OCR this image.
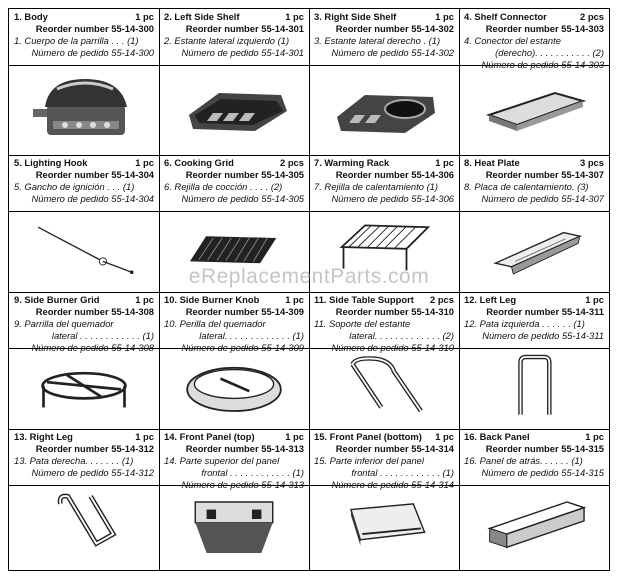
1. Body	1 pc
Reorder number 55-14-300
1. Cuerpo de la parrilla . . . (1)
Número de pedido 55-14-300
2. Left Side Shelf	1 pc
Reorder number 55-14-301
2. Estante lateral izquierdo (1)
Número de pedido 55-14-301
3. Right Side Shelf	1 pc
Reorder number 55-14-302
3. Estante lateral derecho . (1)
Número de pedido 55-14-302
4. Shelf Connector	2 pcs
Reorder number 55-14-303
4. Conector del estante
(derecho). . . . . . . . . . . (2)
5. Lighting Hook	1 pc
Reorder number 55-14-304
5. Gancho de ignición . . . (1)
Número de pedido 55-14-304
6. Cooking Grid	2 pcs
Reorder number 55-14-305
6. Rejilla de cocción . . . . (2)
Número de pedido 55-14-305
7. Warming Rack	1 pc
Reorder number 55-14-306
7. Rejilla de calentamiento (1)
Número de pedido 55-14-306
8. Heat Plate	3 pcs
Reorder number 55-14-307
8. Placa de calentamiento. (3)
Número de pedido 55-14-307
9. Side Burner Grid	1 pc
Reorder number 55-14-308
9. Parrilla del quemador
lateral . . . . . . . . . . . . (1)
10. Side Burner Knob	1 pc
Reorder number 55-14-309
10. Perilla del quemador
lateral. . . . . . . . . . . . . (1)
11. Side Table Support 2 pcs
Reorder number 55-14-310
11. Soporte del estante
lateral. . . . . . . . . . . . . (2)
12. Left Leg	1 pc
Reorder number 55-14-311
12. Pata izquierda . . . . . . (1)
Número de pedido 55-14-311
13. Right Leg	1 pc
Reorder number 55-14-312
13. Pata derecha. . . . . . . (1)
Número de pedido 55-14-312
14. Front Panel (top)	1 pc
Reorder number 55-14-313
14. Parte superior del panel
frontal . . . . . . . . . . . . (1)
15. Front Panel (bottom) 1 pc
Reorder number 55-14-314
15. Parte inferior del panel
frontal . . . . . . . . . . . . (1)
16. Back Panel	1 pc
Reorder number 55-14-315
16. Panel de atrás. . . . . . (1)
Número de pedido 55-14-315
eReplacementParts.com
